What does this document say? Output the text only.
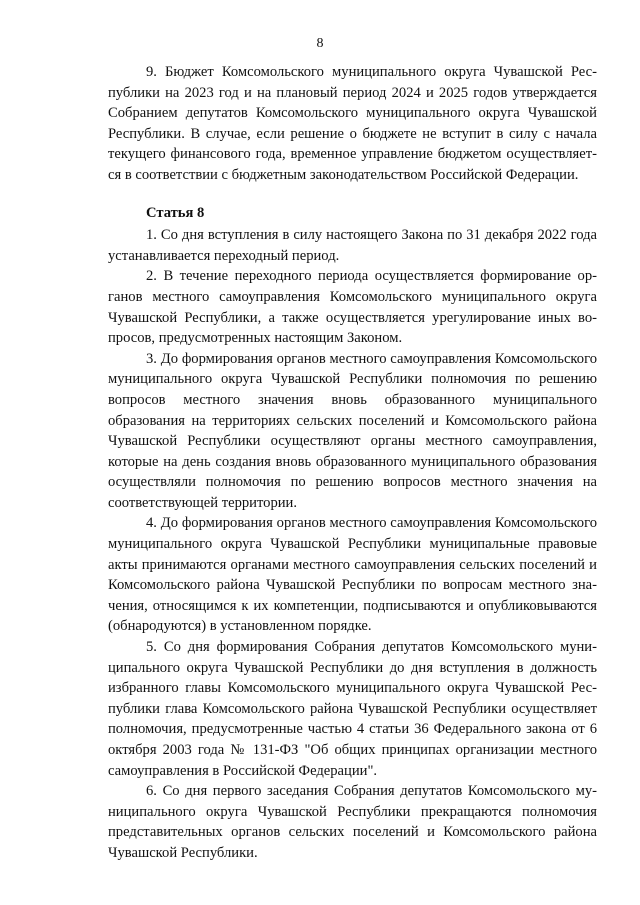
8

9. Бюджет Комсомольского муниципального округа Чувашской Республики на 2023 год и на плановый период 2024 и 2025 годов утверждается Собранием депутатов Комсомольского муниципального округа Чувашской Республики. В случае, если решение о бюджете не вступит в силу с начала текущего финансового года, временное управление бюджетом осуществляется в соответствии с бюджетным законодательством Российской Федерации.

Статья 8

1. Со дня вступления в силу настоящего Закона по 31 декабря 2022 года устанавливается переходный период.

2. В течение переходного периода осуществляется формирование органов местного самоуправления Комсомольского муниципального округа Чувашской Республики, а также осуществляется урегулирование иных вопросов, предусмотренных настоящим Законом.

3. До формирования органов местного самоуправления Комсомольского муниципального округа Чувашской Республики полномочия по решению вопросов местного значения вновь образованного муниципального образования на территориях сельских поселений и Комсомольского района Чувашской Республики осуществляют органы местного самоуправления, которые на день создания вновь образованного муниципального образования осуществляли полномочия по решению вопросов местного значения на соответствующей территории.

4. До формирования органов местного самоуправления Комсомольского муниципального округа Чувашской Республики муниципальные правовые акты принимаются органами местного самоуправления сельских поселений и Комсомольского района Чувашской Республики по вопросам местного значения, относящимся к их компетенции, подписываются и опубликовываются (обнародуются) в установленном порядке.

5. Со дня формирования Собрания депутатов Комсомольского муниципального округа Чувашской Республики до дня вступления в должность избранного главы Комсомольского муниципального округа Чувашской Республики глава Комсомольского района Чувашской Республики осуществляет полномочия, предусмотренные частью 4 статьи 36 Федерального закона от 6 октября 2003 года № 131-ФЗ "Об общих принципах организации местного самоуправления в Российской Федерации".

6. Со дня первого заседания Собрания депутатов Комсомольского муниципального округа Чувашской Республики прекращаются полномочия представительных органов сельских поселений и Комсомольского района Чувашской Республики.
